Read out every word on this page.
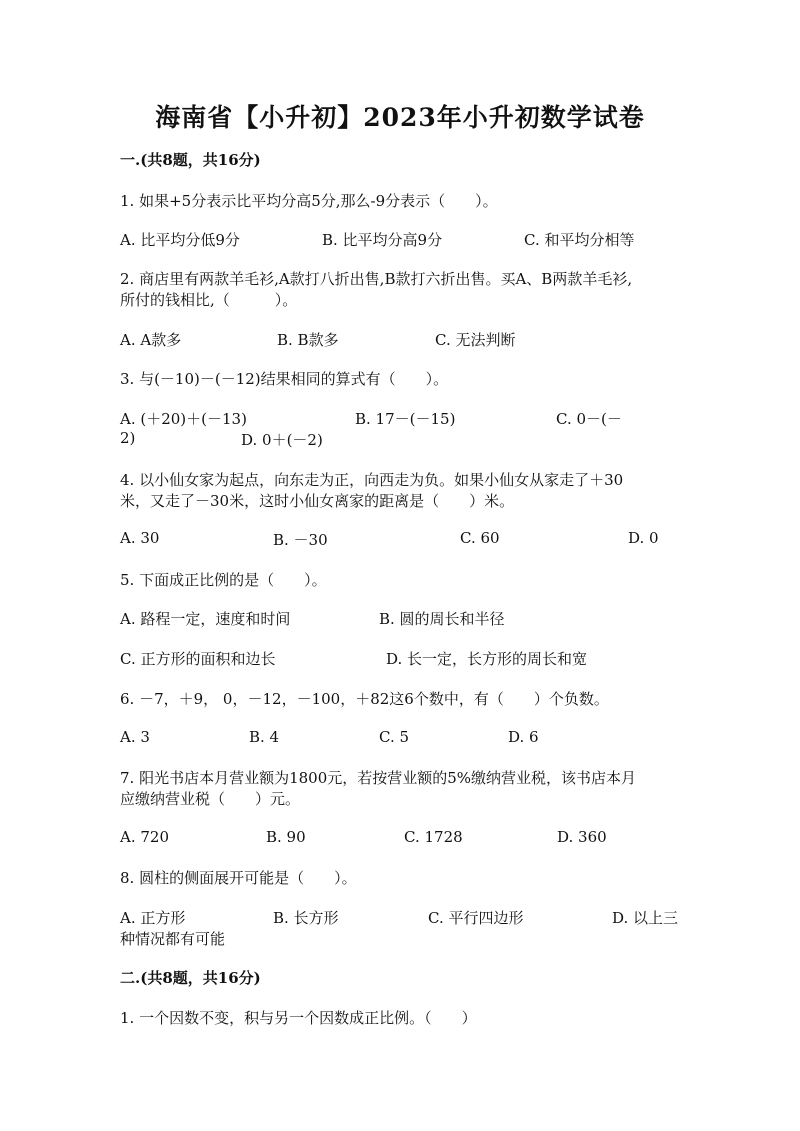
海南省【小升初】2023年小升初数学试卷
一.(共8题，共16分)
1. 如果+5分表示比平均分高5分,那么-9分表示（　　）。
A. 比平均分低9分	B. 比平均分高9分	C. 和平均分相等
2. 商店里有两款羊毛衫,A款打八折出售,B款打六折出售。买A、B两款羊毛衫,
所付的钱相比,（　　　）。
A. A款多	B. B款多	C. 无法判断
3. 与(－10)－(－12)结果相同的算式有（　　）。
A. (＋20)＋(－13)	B. 17－(－15)	C. 0－(－
2)	D. 0＋(－2)
4. 以小仙女家为起点，向东走为正，向西走为负。如果小仙女从家走了＋30
米，又走了－30米，这时小仙女离家的距离是（　　）米。
A. 30	B. －30	C. 60	D. 0
5. 下面成正比例的是（　　）。
A. 路程一定，速度和时间	B. 圆的周长和半径
C. 正方形的面积和边长	D. 长一定，长方形的周长和宽
6. －7，＋9， 0，－12，－100，＋82这6个数中，有（　　）个负数。
A. 3	B. 4	C. 5	D. 6
7. 阳光书店本月营业额为1800元，若按营业额的5%缴纳营业税，该书店本月
应缴纳营业税（　　）元。
A. 720	B. 90	C. 1728	D. 360
8. 圆柱的侧面展开可能是（　　）。
A. 正方形	B. 长方形	C. 平行四边形	D. 以上三
种情况都有可能
二.(共8题，共16分)
1. 一个因数不变，积与另一个因数成正比例。（　　）
